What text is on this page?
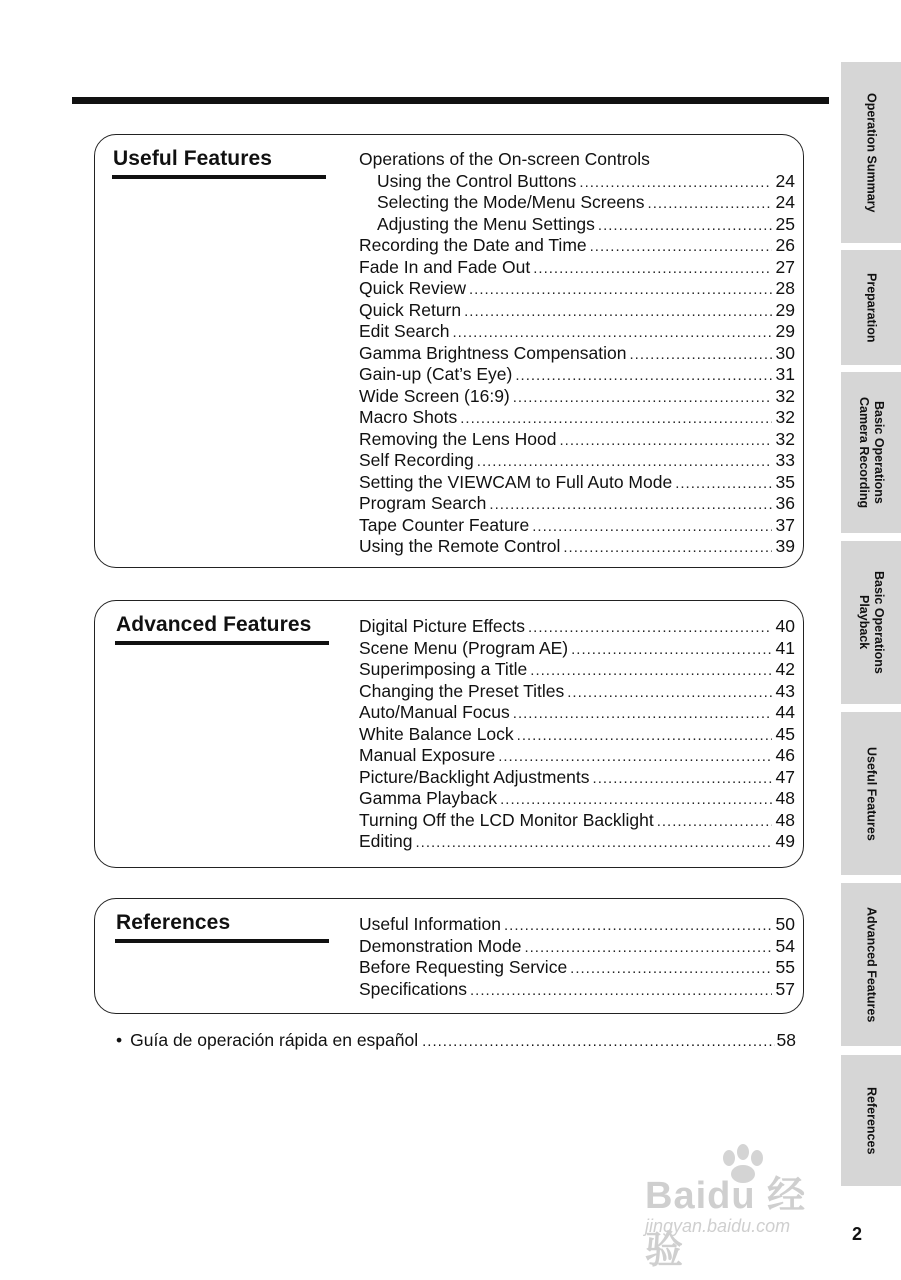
Useful Features	Operations of the On-screen Controls
Using the Control Buttons .....	24
Selecting the Mode/Menu Screens .....	24
Adjusting the Menu Settings .....	25
Recording the Date and Time .....	26
Fade In and Fade Out .....	27
Quick Review .....	28
Quick Return .....	29
Edit Search .....	29
Gamma Brightness Compensation .....	30
Gain-up (Cat’s Eye) .....	31
Wide Screen (16:9) .....	32
Macro Shots .....	32
Removing the Lens Hood .....	32
Self Recording .....	33
Setting the VIEWCAM to Full Auto Mode .....	35
Program Search .....	36
Tape Counter Feature .....	37
Using the Remote Control .....	39
Advanced Features	Digital Picture Effects .....	40
Scene Menu (Program AE) .....	41
Superimposing a Title .....	42
Changing the Preset Titles .....	43
Auto/Manual Focus .....	44
White Balance Lock .....	45
Manual Exposure .....	46
Picture/Backlight Adjustments .....	47
Gamma Playback .....	48
Turning Off the LCD Monitor Backlight .....	48
Editing .....	49
References	Useful Information .....	50
Demonstration Mode .....	54
Before Requesting Service .....	55
Specifications .....	57
• Guía de operación rápida en español .....	58
Operation Summary
Preparation
Basic Operations
Camera Recording
Basic Operations
Playback
Useful Features
Advanced Features
References
2
Baidu 经验
jingyan.baidu.com
